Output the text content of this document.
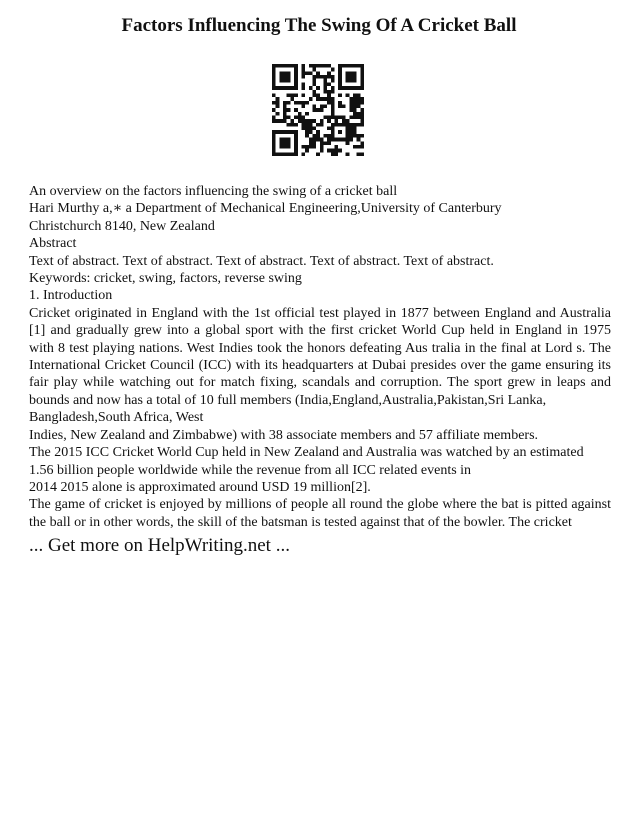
Factors Influencing The Swing Of A Cricket Ball
An overview on the factors influencing the swing of a cricket ball
Hari Murthy a,∗ a Department of Mechanical Engineering,University of Canterbury
Christchurch 8140, New Zealand
Abstract
Text of abstract. Text of abstract. Text of abstract. Text of abstract. Text of abstract.
Keywords: cricket, swing, factors, reverse swing
1. Introduction
Cricket originated in England with the 1st official test played in 1877 between England and Australia
[1] and gradually grew into a global sport with the first cricket World Cup held in England in 1975
with 8 test playing nations. West Indies took the honors defeating Aus tralia in the final at Lord s. The
International Cricket Council (ICC) with its headquarters at Dubai presides over the game ensuring its
fair play while watching out for match fixing, scandals and corruption. The sport grew in leaps and
bounds and now has a total of 10 full members (India,England,Australia,Pakistan,Sri Lanka,
Bangladesh,South Africa, West
Indies, New Zealand and Zimbabwe) with 38 associate members and 57 affiliate members.
The 2015 ICC Cricket World Cup held in New Zealand and Australia was watched by an estimated
1.56 billion people worldwide while the revenue from all ICC related events in
2014 2015 alone is approximated around USD 19 million[2].
The game of cricket is enjoyed by millions of people all round the globe where the bat is pitted against
the ball or in other words, the skill of the batsman is tested against that of the bowler. The cricket
... Get more on HelpWriting.net ...
